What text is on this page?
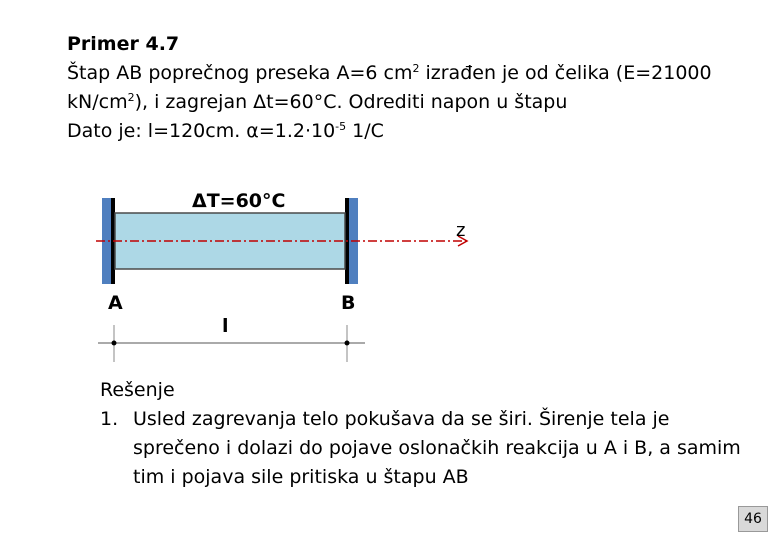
Primer 4.7
Štap AB poprečnog preseka A=6 $cm^2$ izrađen je od čelika (E=21000
$kN/cm^2$), i zagrejan Δt=60°C. Odrediti napon u štapu
Dato je: l=120cm. $\alpha=1.2\cdot 10^{-5}$ 1/C
z
ΔT=60°C
A	B
l
Rešenje
1. Usled zagrevanja telo pokušava da se širi. Širenje tela je
sprečeno i dolazi do pojave oslonačkih reakcija u A i B, a samim
tim i pojava sile pritiska u štapu AB
46
